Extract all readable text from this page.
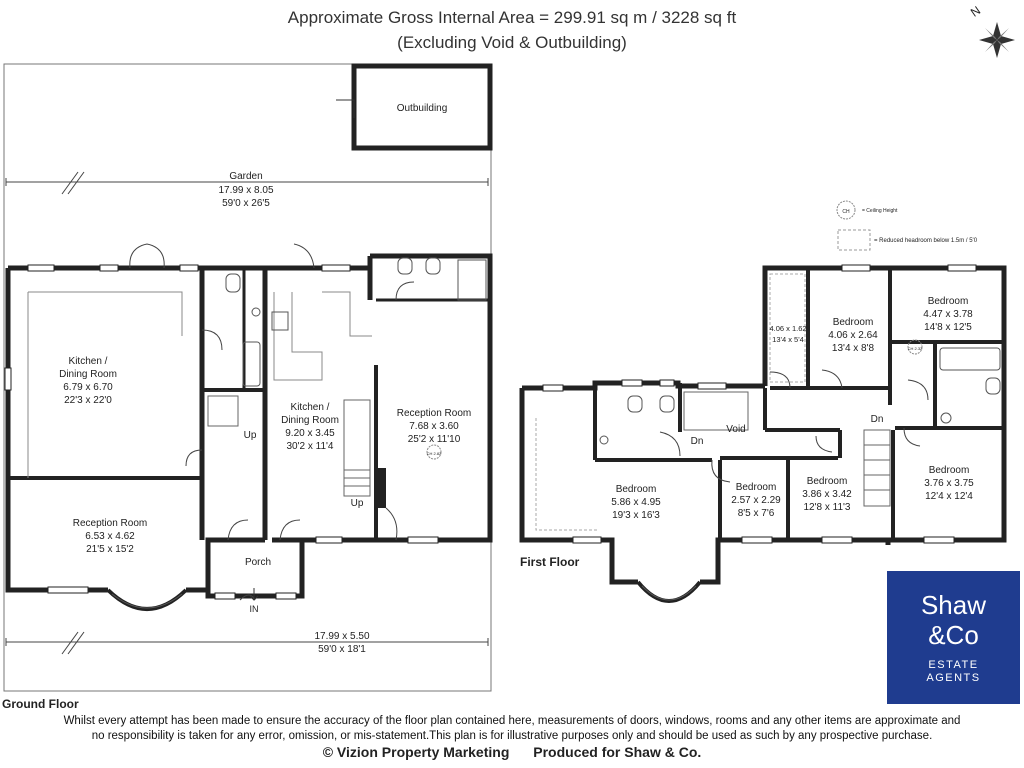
Approximate Gross Internal Area = 299.91 sq m / 3228 sq ft
(Excluding Void & Outbuilding)
N
Outbuilding
Garden
17.99 x 8.05
59'0 x 26'5
Kitchen /
Dining Room
6.79 x 6.70
22'3 x 22'0
Kitchen /
Dining Room
9.20 x 3.45
30'2 x 11'4
Reception Room
6.53 x 4.62
21'5 x 15'2
Reception Room
7.68 x 3.60
25'2 x 11'10
CH 2.82
Porch
IN
Up
Up
17.99 x 5.50
59'0 x 18'1
Ground Floor
CH = Ceiling Height
= Reduced headroom below 1.5m / 5'0
4.06 x 1.62
13'4 x 5'4
Bedroom
4.06 x 2.64
13'4 x 8'8
Bedroom
4.47 x 3.78
14'8 x 12'5
CH 2.32
Bedroom
5.86 x 4.95
19'3 x 16'3
Bedroom
2.57 x 2.29
8'5 x 7'6
Bedroom
3.86 x 3.42
12'8 x 11'3
Bedroom
3.76 x 3.75
12'4 x 12'4
Void
Dn
Dn
First Floor
Shaw
&Co
ESTATE
AGENTS
Whilst every attempt has been made to ensure the accuracy of the floor plan contained here, measurements of doors, windows, rooms and any other items are approximate and
no responsibility is taken for any error, omission, or mis-statement.This plan is for illustrative purposes only and should be used as such by any prospective purchase.
© Vizion Property Marketing Produced for Shaw & Co.
